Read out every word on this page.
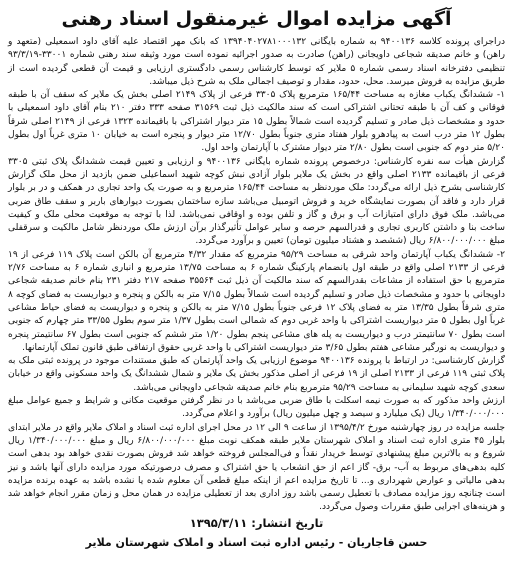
آگهی مزایده اموال غیرمنقول اسناد رهنی

دراجرای پرونده کلاسه ۹۴۰۰۱۳۶ به شماره بایگانی ۱۳۹۴۰۴۰۲۷۸۱۰۰۰۱۳۲ که بانک مهر اقتصاد علیه آقای داود اسمعیلی (متعهد و راهن) و خانم صدیقه شجاعی داویجانی (راهن) صادرت به صدور اجرائیه نموده است مورد وثیقه سند رهنی شماره ۳۳۰۰۱-۹۳/۳/۱۹ تنظیمی دفترخانه اسناد رسمی شماره ۵ ملایر که توسط کارشناس رسمی دادگستری ارزیابی و قیمت آن قطعی گردیده است از طریق مزایده به فروش میرسد. محل، حدود، مقدار و توصیف اجمالی ملک به شرح ذیل میباشد.

۱- ششدانگ یکباب مغازه به مساحت ۱۶۵/۴۴ مترمربع پلاک ۳۳۰۵ فرعی از پلاک ۲۱۴۹ اصلی بخش یک ملایر که سقف آن با طبقه فوقانی و کف آن با طبقه تحتانی اشتراکی است که سند مالکیت ذیل ثبت ۳۱۵۶۹ صفحه ۳۳۳ دفتر ۲۱۰ بنام آقای داود اسمعیلی با حدود و مشخصات ذیل صادر و تسلیم گردیده است شمالاً بطول ۱۵ متر دیوار اشتراکی با باقیمانده ۱۳۲۳ فرعی از ۲۱۴۹ اصلی شرقاً بطول ۱۲ متر درب است به پیادهرو بلوار هفتاد متری جنوباً بطول ۱۲/۷۰ متر دیوار و پنجره است به خیابان ۱۰ متری غرباً اول بطول ۵/۲۰ متر دوم که جنوبی است بطول ۲/۸۰ متر دیوار مشترک با آپارتمان واحد اول.

گزارش هیأت سه نفره کارشناس: درخصوص پرونده شماره بایگانی ۹۴۰۰۱۳۶ و ارزیابی و تعیین قیمت ششدانگ پلاک ثبتی ۳۳۰۵ فرعی از باقیمانده ۲۱۳۳ اصلی واقع در بخش یک ملایر بلوار آزادی نبش کوچه شهید اسماعیلی ضمن بازدید از محل ملک گزارش کارشناسی بشرح ذیل ارائه می‌گردد: ملک موردنظر به مساحت ۱۶۵/۴۴ مترمربع و به صورت یک واحد تجاری در همکف و در بر بلوار قرار دارد و فاقد آن بصورت نمایشگاه خرید و فروش اتومبیل می‌باشد سازه ساختمان بصورت دیوارهای باربر و سقف طاق ضربی می‌باشد. ملک فوق دارای امتیازات آب و برق و گاز و تلفن بوده و اوقافی نمی‌باشد. لذا با توجه به موقعیت محلی ملک و کیفیت ساخت بنا و داشتن کاربری تجاری و قدرالسهم حرصه و سایر عوامل تأثیرگذار برآن ارزش ملک موردنظر شامل مالکیت و سرقفلی مبلغ ۶/۸۰۰/۰۰۰/۰۰۰ ریال (ششصد و هشتاد میلیون تومان) تعیین و برآورد می‌گردد.

۲- ششدانگ یکباب آپارتمان واحد شرقی به مساحت ۹۵/۲۹ مترمربع که مقدار ۴/۳۲ مترمربع آن بالکن است پلاک ۱۱۹ فرعی از ۱۹ فرعی از ۲۱۳۳ اصلی واقع در طبقه اول بانضمام پارکینگ شماره ۶ به مساحت ۱۳/۷۵ مترمربع و انباری شماره ۶ به مساحت ۲/۷۶ مترمربع با حق استفاده از مشاعات بقدرالسهم که سند مالکیت آن ذیل ثبت ۳۵۵۶۴ صفحه ۲۱۷ دفتر ۲۳۱ بنام خانم صدیقه شجاعی داویجانی با حدود و مشخصات ذیل صادر و تسلیم گردیده است شمالاً بطول ۷/۱۵ متر به بالکن و پنجره و دیواریست به فضای کوچه ۸ متری شرقاً بطول ۱۳/۳۵ متر به فضای پلاک ۱۲ فرعی جنوباً بطول ۷/۱۵ متر به بالکن و پنجره و دیواریست به فضای حیاط مشاعی غرباً اول بطول ۵ متر دیواریست اشتراکی با واحد غربی دوم که شمالی است بطول ۱/۳۷ متر سوم بطول ۳۳/۵۵ متر چهارم که جنوبی است بطول ۷۰ سانتیمتر درب و دیواریست به پله های مشاعی پنجم بطول ۱/۲۰ متر ششم که جنوبی است بطول ۶۷ سانتیمتر پنجره و دیواریست به نورگیر مشاعی هفتم بطول ۳/۶۵ متر دیواریست اشتراکی با واحد غربی حقوق ارتفاقی طبق قانون تملک آپارتمانها.

گزارش کارشناسی: در ارتباط با پرونده ۹۴۰۰۱۳۶ موضوع ارزیابی یک واحد آپارتمان که طبق مستندات موجود در پرونده ثبتی ملک به پلاک ثبتی ۱۱۹ فرعی از ۲۱۳۳ اصلی از ۱۹ فرعی از اصلی مذکور بخش یک ملایر و شمال ششدانگ یک واحد مسکونی واقع در خیابان سعدی کوچه شهید سلیمانی به مساحت ۹۵/۲۹ مترمربع بنام خانم صدیقه شجاعی داویجانی می‌باشد.

ارزش واحد مذکور که به صورت نیمه اسکلت با طاق ضربی می‌باشد با در نظر گرفتن موقعیت مکانی و شرایط و جمیع عوامل مبلغ ۱/۳۴۰/۰۰۰/۰۰۰ ریال (یک میلیارد و سیصد و چهل میلیون ریال) برآورد و اعلام می‌گردد.

جلسه مزایده در روز چهارشنبه مورخ ۱۳۹۵/۴/۲ از ساعت ۹ الی ۱۲ در محل اجرای اداره ثبت اسناد و املاک ملایر واقع در ملایر ابتدای بلوار ۴۵ متری اداره ثبت اسناد و املاک شهرستان ملایر طبقه همکف نوبت مبلغ ۶/۸۰۰/۰۰۰/۰۰۰ ریال و مبلغ ۱/۳۴۰/۰۰۰/۰۰۰ ریال شروع و به بالاترین مبلغ پیشنهادی توسط خریدار نقداً و فی‌المجلس فروخته خواهد شد فروش بصورت نقدی خواهد بود بدهی است کلیه بدهی‌های مربوط به آب- برق- گاز اعم از حق انشعاب یا حق اشتراک و مصرف درصورتیکه مورد مزایده دارای آنها باشد و نیز بدهی مالیاتی و عوارض شهرداری و... تا تاریخ مزایده اعم از اینکه مبلغ قطعی آن معلوم شده یا نشده باشد به عهده برنده مزایده است چنانچه روز مزایده مصادف با تعطیل رسمی باشد روز اداری بعد از تعطیلی مزایده در همان محل و زمان مقرر انجام خواهد شد و هزینه‌های اجرایی طبق مقررات وصول می‌گردد.

تاریخ انتشار: ۱۳۹۵/۳/۱۱
حسن قاجاریان - رئیس اداره ثبت اسناد و املاک شهرستان ملایر
